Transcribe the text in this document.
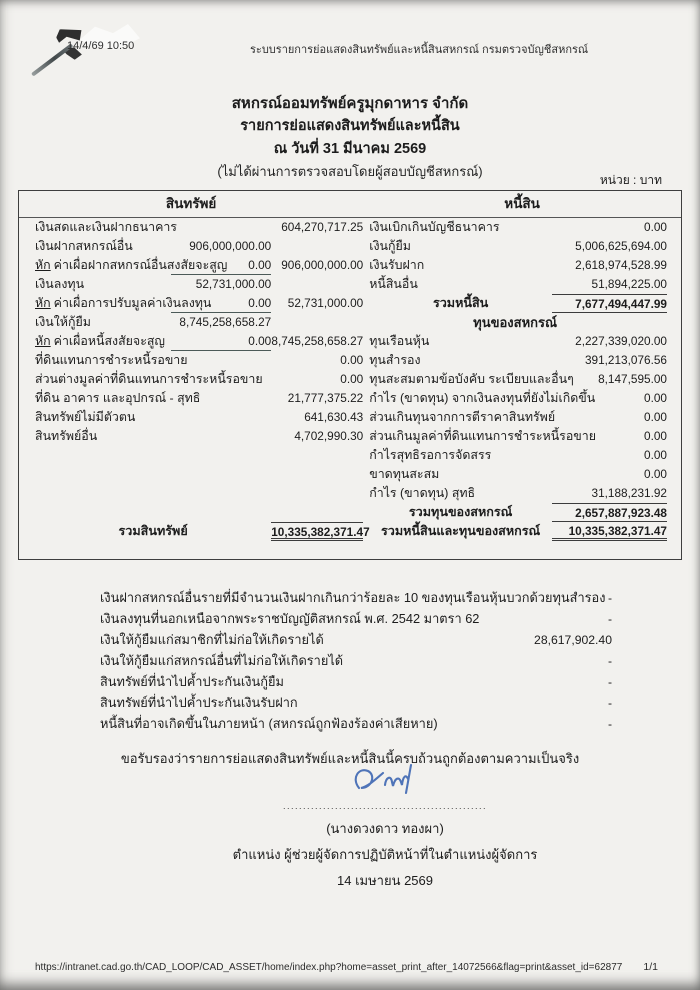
14/4/69 10:50	ระบบรายการย่อแสดงสินทรัพย์และหนี้สินสหกรณ์ กรมตรวจบัญชีสหกรณ์
สหกรณ์ออมทรัพย์ครูมุกดาหาร จำกัด
รายการย่อแสดงสินทรัพย์และหนี้สิน
ณ วันที่ 31 มีนาคม 2569
(ไม่ได้ผ่านการตรวจสอบโดยผู้สอบบัญชีสหกรณ์)
หน่วย : บาท
สินทรัพย์	หนี้สิน
เงินสดและเงินฝากธนาคาร	604,270,717.25
เงินฝากสหกรณ์อื่น	906,000,000.00
หัก ค่าเผื่อฝากสหกรณ์อื่นสงสัยจะสูญ	0.00 906,000,000.00
เงินลงทุน	52,731,000.00
หัก ค่าเผื่อการปรับมูลค่าเงินลงทุน	0.00	52,731,000.00
เงินให้กู้ยืม	8,745,258,658.27
หัก ค่าเผื่อหนี้สงสัยจะสูญ	0.00 8,745,258,658.27
ที่ดินแทนการชำระหนี้รอขาย	0.00
ส่วนต่างมูลค่าที่ดินแทนการชำระหนี้รอขาย	0.00
ที่ดิน อาคาร และอุปกรณ์ - สุทธิ	21,777,375.22
สินทรัพย์ไม่มีตัวตน	641,630.43
สินทรัพย์อื่น	4,702,990.30
รวมสินทรัพย์	10,335,382,371.47
เงินเบิกเกินบัญชีธนาคาร	0.00
เงินกู้ยืม	5,006,625,694.00
เงินรับฝาก	2,618,974,528.99
หนี้สินอื่น	51,894,225.00
รวมหนี้สิน	7,677,494,447.99
ทุนของสหกรณ์
ทุนเรือนหุ้น	2,227,339,020.00
ทุนสำรอง	391,213,076.56
ทุนสะสมตามข้อบังคับ ระเบียบและอื่นๆ	8,147,595.00
กำไร (ขาดทุน) จากเงินลงทุนที่ยังไม่เกิดขึ้น	0.00
ส่วนเกินทุนจากการตีราคาสินทรัพย์	0.00
ส่วนเกินมูลค่าที่ดินแทนการชำระหนี้รอขาย	0.00
กำไรสุทธิรอการจัดสรร	0.00
ขาดทุนสะสม	0.00
กำไร (ขาดทุน) สุทธิ	31,188,231.92
รวมทุนของสหกรณ์	2,657,887,923.48
รวมหนี้สินและทุนของสหกรณ์	10,335,382,371.47
เงินฝากสหกรณ์อื่นรายที่มีจำนวนเงินฝากเกินกว่าร้อยละ 10 ของทุนเรือนหุ้นบวกด้วยทุนสำรอง -
เงินลงทุนที่นอกเหนือจากพระราชบัญญัติสหกรณ์ พ.ศ. 2542 มาตรา 62	-
เงินให้กู้ยืมแก่สมาชิกที่ไม่ก่อให้เกิดรายได้	28,617,902.40
เงินให้กู้ยืมแก่สหกรณ์อื่นที่ไม่ก่อให้เกิดรายได้	-
สินทรัพย์ที่นำไปค้ำประกันเงินกู้ยืม	-
สินทรัพย์ที่นำไปค้ำประกันเงินรับฝาก	-
หนี้สินที่อาจเกิดขึ้นในภายหน้า (สหกรณ์ถูกฟ้องร้องค่าเสียหาย)	-
ขอรับรองว่ารายการย่อแสดงสินทรัพย์และหนี้สินนี้ครบถ้วนถูกต้องตามความเป็นจริง
...................................................
(นางดวงดาว ทองผา)
ตำแหน่ง ผู้ช่วยผู้จัดการปฏิบัติหน้าที่ในตำแหน่งผู้จัดการ
14 เมษายน 2569
https://intranet.cad.go.th/CAD_LOOP/CAD_ASSET/home/index.php?home=asset_print_after_14072566&flag=print&asset_id=62877 1/1
